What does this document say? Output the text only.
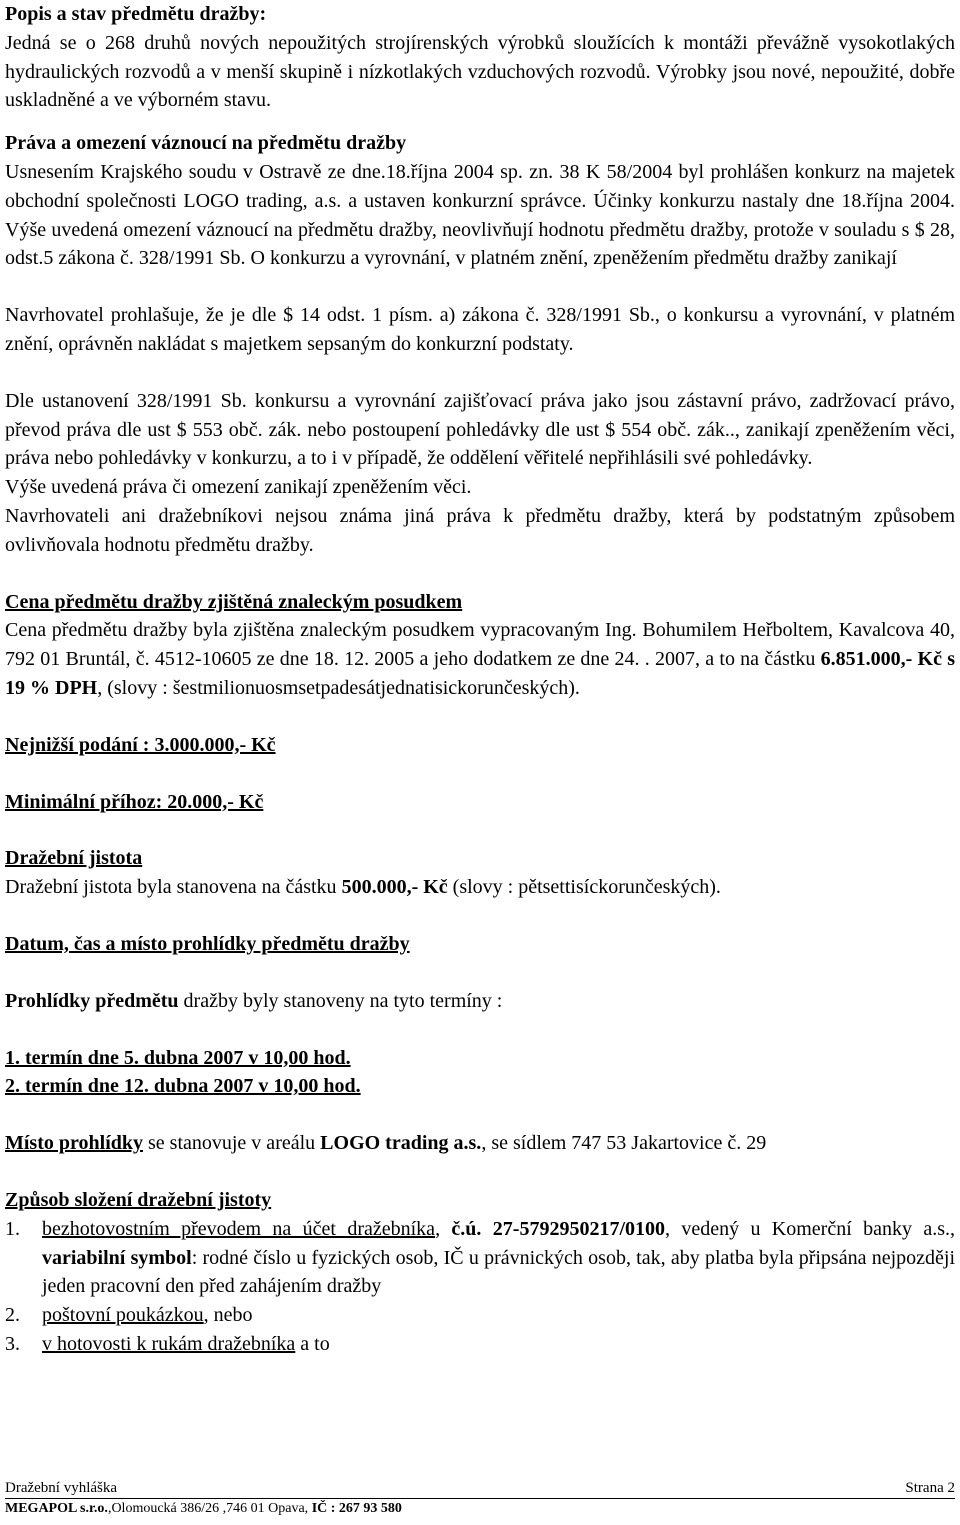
Popis a stav předmětu dražby:

Jedná se o 268 druhů nových nepoužitých strojírenských výrobků sloužících k montáži převážně vysokotlakých hydraulických rozvodů a v menší skupině i nízkotlakých vzduchových rozvodů. Výrobky jsou nové, nepoužité, dobře uskladněné a ve výborném stavu.

Práva a omezení váznoucí na předmětu dražby

Usnesením Krajského soudu v Ostravě ze dne.18.října 2004 sp. zn. 38 K 58/2004 byl prohlášen konkurz na majetek obchodní společnosti LOGO trading, a.s. a ustaven konkurzní správce. Účinky konkurzu nastaly dne 18.října 2004. Výše uvedená omezení váznoucí na předmětu dražby, neovlivňují hodnotu předmětu dražby, protože v souladu s $ 28, odst.5 zákona č. 328/1991 Sb. O konkurzu a vyrovnání, v platném znění, zpeněžením předmětu dražby zanikají

Navrhovatel prohlašuje, že je dle $ 14 odst. 1 písm. a) zákona č. 328/1991 Sb., o konkursu a vyrovnání, v platném znění, oprávněn nakládat s majetkem sepsaným do konkurzní podstaty.

Dle ustanovení 328/1991 Sb. konkursu a vyrovnání zajišťovací práva jako jsou zástavní právo, zadržovací právo, převod práva dle ust $ 553 obč. zák. nebo postoupení pohledávky dle ust $ 554 obč. zák.., zanikají zpeněžením věci, práva nebo pohledávky v konkurzu, a to i v případě, že oddělení věřitelé nepřihlásili své pohledávky.

Výše uvedená práva či omezení zanikají zpeněžením věci.

Navrhovateli ani dražebníkovi nejsou známa jiná práva k předmětu dražby, která by podstatným způsobem ovlivňovala hodnotu předmětu dražby.

Cena předmětu dražby zjištěná znaleckým posudkem

Cena předmětu dražby byla zjištěna znaleckým posudkem vypracovaným Ing. Bohumilem Heřboltem, Kavalcova 40, 792 01 Bruntál, č. 4512-10605 ze dne 18. 12. 2005 a jeho dodatkem ze dne 24. . 2007, a to na částku 6.851.000,- Kč s 19 % DPH, (slovy : šestmilionuosmsetpadesátjednatisickorunčeských).

Nejnižší podání : 3.000.000,- Kč

Minimální příhoz: 20.000,- Kč

Dražební jistota

Dražební jistota byla stanovena na částku 500.000,- Kč (slovy : pětsettisíckorunčeských).

Datum, čas a místo prohlídky předmětu dražby

Prohlídky předmětu dražby byly stanoveny na tyto termíny :

1. termín dne 5. dubna 2007 v 10,00 hod.

2. termín dne 12. dubna 2007 v 10,00 hod.

Místo prohlídky se stanovuje v areálu LOGO trading a.s., se sídlem 747 53 Jakartovice č. 29

Způsob složení dražební jistoty

1. bezhotovostním převodem na účet dražebníka, č.ú. 27-5792950217/0100, vedený u Komerční banky a.s., variabilní symbol: rodné číslo u fyzických osob, IČ u právnických osob, tak, aby platba byla připsána nejpozději jeden pracovní den před zahájením dražby
2. poštovní poukázkou, nebo
3. v hotovosti k rukám dražebníka a to
Dražební vyhláška	Strana 2
MEGAPOL s.r.o.,Olomoucká 386/26 ,746 01 Opava, IČ : 267 93 580
